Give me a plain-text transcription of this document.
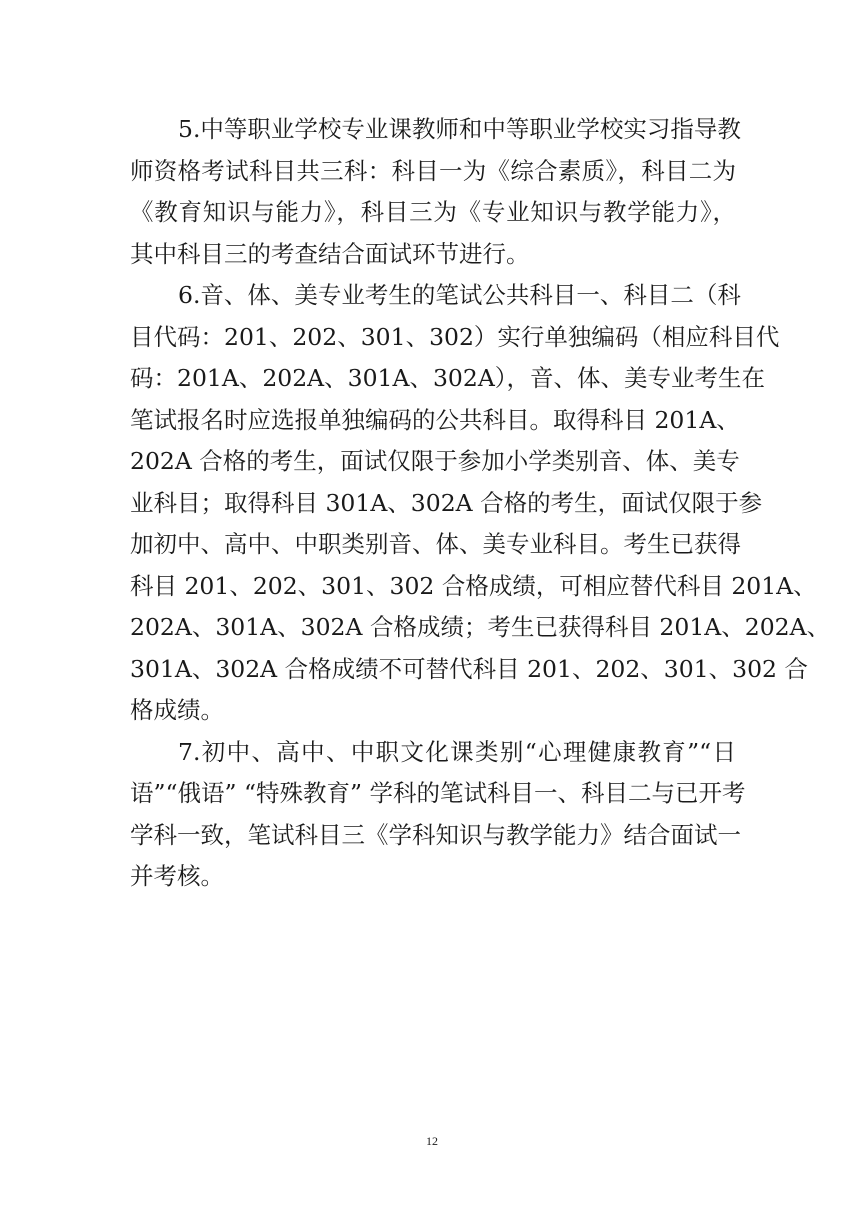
5.中等职业学校专业课教师和中等职业学校实习指导教
师资格考试科目共三科：科目一为《综合素质》，科目二为
《教育知识与能力》，科目三为《专业知识与教学能力》，
其中科目三的考查结合面试环节进行。
6.音、体、美专业考生的笔试公共科目一、科目二（科
目代码：201、202、301、302）实行单独编码（相应科目代
码：201A、202A、301A、302A），音、体、美专业考生在
笔试报名时应选报单独编码的公共科目。取得科目 201A、
202A 合格的考生，面试仅限于参加小学类别音、体、美专
业科目；取得科目 301A、302A 合格的考生，面试仅限于参
加初中、高中、中职类别音、体、美专业科目。考生已获得
科目 201、202、301、302 合格成绩，可相应替代科目 201A、
202A、301A、302A 合格成绩；考生已获得科目 201A、202A、
301A、302A 合格成绩不可替代科目 201、202、301、302 合
格成绩。
7.初中、高中、中职文化课类别“心理健康教育”“日
语”“俄语” “特殊教育” 学科的笔试科目一、科目二与已开考
学科一致，笔试科目三《学科知识与教学能力》结合面试一
并考核。
12
